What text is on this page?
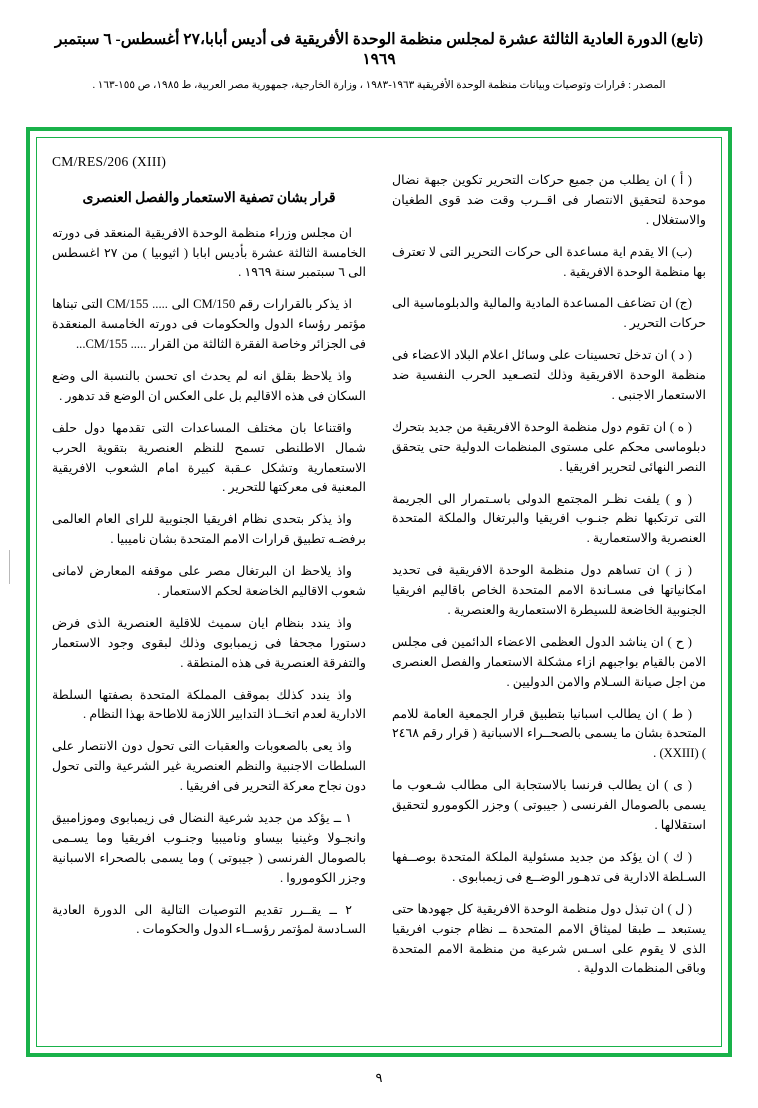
(تابع) الدورة العادية الثالثة عشرة لمجلس منظمة الوحدة الأفريقية فى أديس أبابا،٢٧ أغسطس- ٦ سبتمبر ١٩٦٩
المصدر : قرارات وتوصيات وبيانات منظمة الوحدة الأفريقية ١٩٦٣-١٩٨٣ ، وزارة الخارجية، جمهورية مصر العربية، ط ١٩٨٥، ص ١٥٥-١٦٣ .

( أ ) ان يطلب من جميع حركات التحرير تكوين جبهة نضال موحدة لتحقيق الانتصار فى اقــرب وقت ضد قوى الطغيان والاستغلال .

(ب) الا يقدم اية مساعدة الى حركات التحرير التى لا تعترف بها منظمة الوحدة الافريقية .

(ج) ان تضاعف المساعدة المادية والمالية والدبلوماسية الى حركات التحرير .

( د ) ان تدخل تحسينات على وسائل اعلام البلاد الاعضاء فى منظمة الوحدة الافريقية وذلك لتصـعيد الحرب النفسية ضد الاستعمار الاجنبى .

( ه ) ان تقوم دول منظمة الوحدة الافريقية من جديد بتحرك دبلوماسى محكم على مستوى المنظمات الدولية حتى يتحقق النصر النهائى لتحرير افريقيا .

( و ) يلفت نظـر المجتمع الدولى باسـتمرار الى الجريمة التى ترتكبها نظم جنـوب افريقيا والبرتغال والملكة المتحدة العنصرية والاستعمارية .

( ز ) ان تساهم دول منظمة الوحدة الافريقية فى تحديد امكانياتها فى مسـاندة الامم المتحدة الخاص باقاليم افريقيا الجنوبية الخاضعة للسيطرة الاستعمارية والعنصرية .

( ح ) ان يناشد الدول العظمى الاعضاء الدائمين فى مجلس الامن بالقيام بواجبهم ازاء مشكلة الاستعمار والفصل العنصرى من اجل صيانة السـلام والامن الدوليين .

( ط ) ان يطالب اسبانيا بتطبيق قرار الجمعية العامة للامم المتحدة بشان ما يسمى بالصحــراء الاسبانية ( قرار رقم ٢٤٦٨ ) (XXIII) .

( ى ) ان يطالب فرنسا بالاستجابة الى مطالب شـعوب ما يسمى بالصومال الفرنسى ( جيبوتى ) وجزر الكومورو لتحقيق استقلالها .

( ك ) ان يؤكد من جديد مسئولية الملكة المتحدة بوصــفها السـلطة الادارية فى تدهـور الوضــع فى زيمبابوى .

( ل ) ان تبذل دول منظمة الوحدة الافريقية كل جهودها حتى يستبعد ــ طبقا لميثاق الامم المتحدة ــ نظام جنوب افريقيا الذى لا يقوم على اسـس شرعية من منظمة الامم المتحدة وباقى المنظمات الدولية .

CM/RES/206 (XIII)
قرار بشان تصفية الاستعمار والفصل العنصرى

ان مجلس وزراء منظمة الوحدة الافريقية المنعقد فى دورته الخامسة الثالثة عشرة بأديس ابابا ( اثيوبيا ) من ٢٧ اغسطس الى ٦ سبتمبر سنة ١٩٦٩ .

اذ يذكر بالقرارات رقم CM/150 الى ..... CM/155 التى تبناها مؤتمر رؤساء الدول والحكومات فى دورته الخامسة المنعقدة فى الجزائر وخاصة الفقرة الثالثة من القرار ..... CM/155...

واذ يلاحظ بقلق انه لم يحدث اى تحسن بالنسبة الى وضع السكان فى هذه الاقاليم بل على العكس ان الوضع قد تدهور .

واقتناعا بان مختلف المساعدات التى تقدمها دول حلف شمال الاطلنطى تسمح للنظم العنصرية بتقوية الحرب الاستعمارية وتشكل عـقبة كبيرة امام الشعوب الافريقية المعنية فى معركتها للتحرير .

واذ يذكر بتحدى نظام افريقيا الجنوبية للراى العام العالمى برفضـه تطبيق قرارات الامم المتحدة بشان ناميبيا .

واذ يلاحظ ان البرتغال مصر على موقفه المعارض لامانى شعوب الاقاليم الخاضعة لحكم الاستعمار .

واذ يندد بنظام ايان سميث للاقلية العنصرية الذى فرض دستورا مجحفا فى زيمبابوى وذلك لبقوى وجود الاستعمار والتفرقة العنصرية فى هذه المنطقة .

واذ يندد كذلك بموقف المملكة المتحدة بصفتها السلطة الادارية لعدم اتخــاذ التدابير اللازمة للاطاحة بهذا النظام .

واذ يعى بالصعوبات والعقبات التى تحول دون الانتصار على السلطات الاجنبية والنظم العنصرية غير الشرعية والتى تحول دون نجاح معركة التحرير فى افريقيا .

١ ــ يؤكد من جديد شرعية النضال فى زيمبابوى وموزامبيق وانجـولا وغينيا بيساو وناميبيا وجنـوب افريقيا وما يسـمى بالصومال الفرنسى ( جيبوتى ) وما يسمى بالصحراء الاسبانية وجزر الكوموروا .

٢ ــ يقــرر تقديم التوصيات التالية الى الدورة العادية السـادسة لمؤتمر رؤســاء الدول والحكومات .

٩
